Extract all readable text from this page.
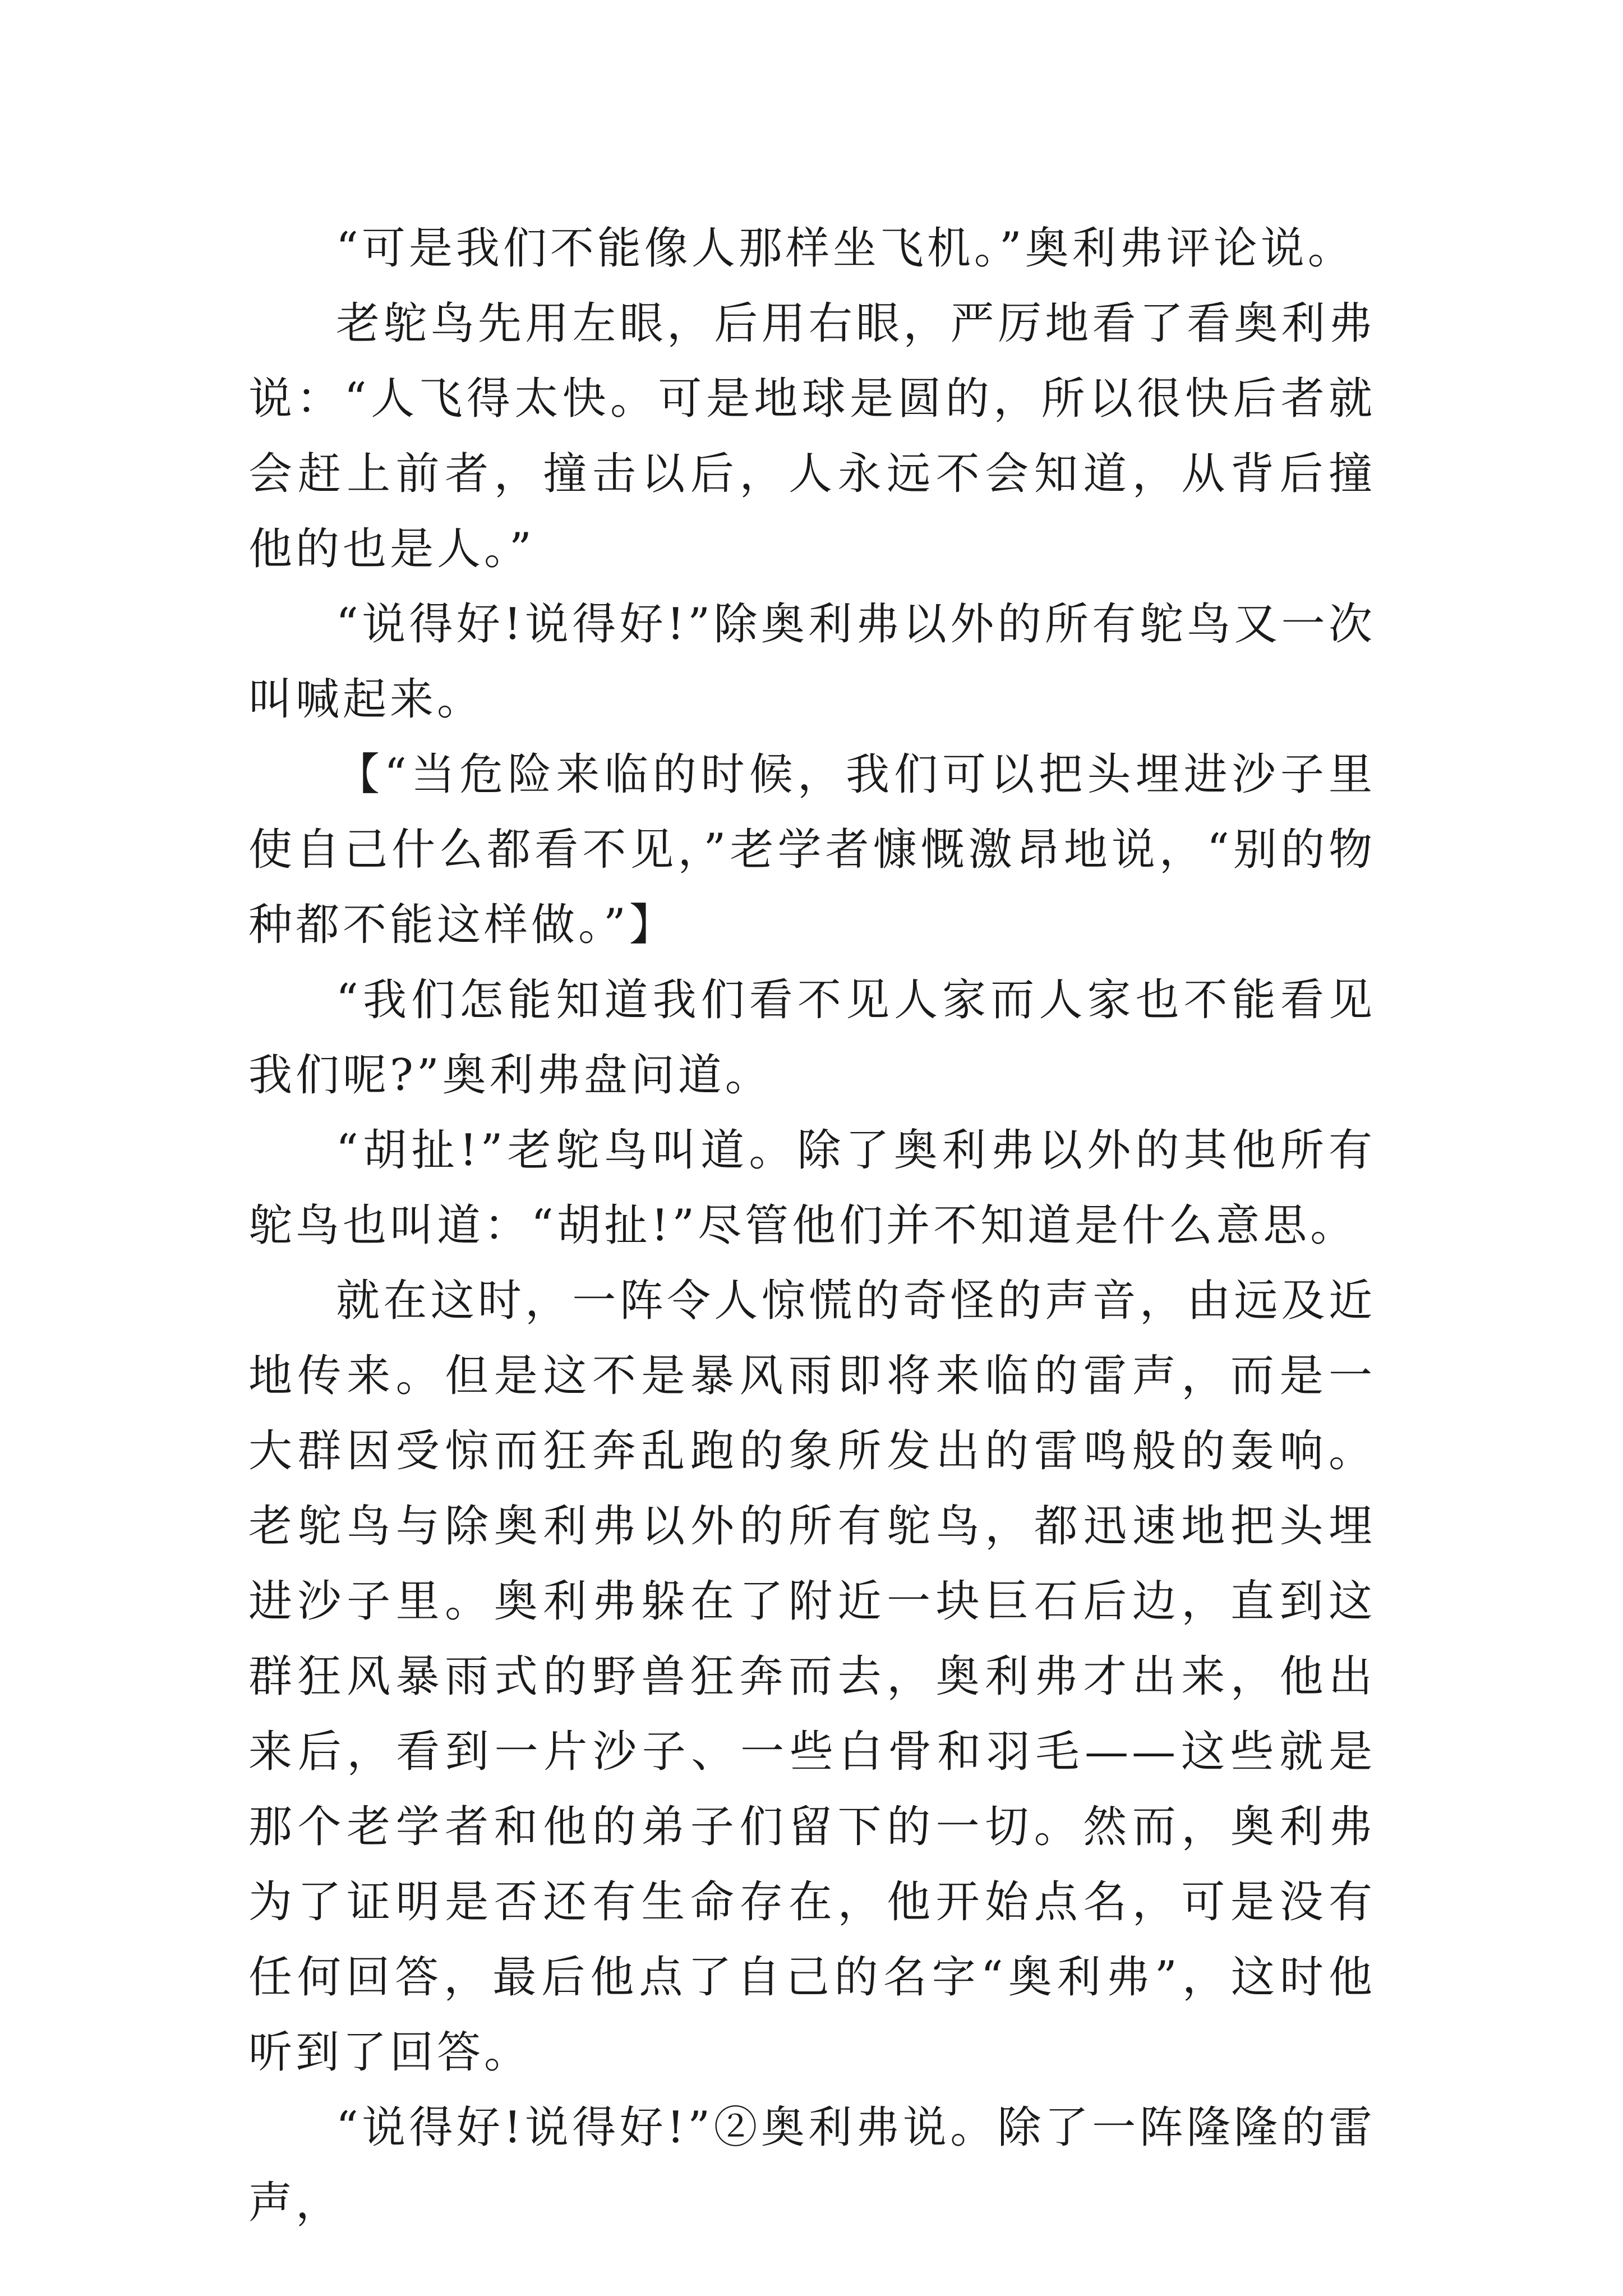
“可是我们不能像人那样坐飞机。”奥利弗评论说。

老鸵鸟先用左眼，后用右眼，严厉地看了看奥利弗说：“人飞得太快。可是地球是圆的，所以很快后者就会赶上前者，撞击以后，人永远不会知道，从背后撞他的也是人。”

“说得好!说得好!”除奥利弗以外的所有鸵鸟又一次叫喊起来。

【“当危险来临的时候，我们可以把头埋进沙子里使自己什么都看不见，”老学者慷慨激昂地说，“别的物种都不能这样做。”】

“我们怎能知道我们看不见人家而人家也不能看见我们呢?”奥利弗盘问道。

“胡扯!”老鸵鸟叫道。除了奥利弗以外的其他所有鸵鸟也叫道：“胡扯!”尽管他们并不知道是什么意思。

就在这时，一阵令人惊慌的奇怪的声音，由远及近地传来。但是这不是暴风雨即将来临的雷声，而是一大群因受惊而狂奔乱跑的象所发出的雷鸣般的轰响。老鸵鸟与除奥利弗以外的所有鸵鸟，都迅速地把头埋进沙子里。奥利弗躲在了附近一块巨石后边，直到这群狂风暴雨式的野兽狂奔而去，奥利弗才出来，他出来后，看到一片沙子、一些白骨和羽毛——这些就是那个老学者和他的弟子们留下的一切。然而，奥利弗为了证明是否还有生命存在，他开始点名，可是没有任何回答，最后他点了自己的名字“奥利弗”，这时他听到了回答。

“说得好!说得好!”②奥利弗说。除了一阵隆隆的雷声，
